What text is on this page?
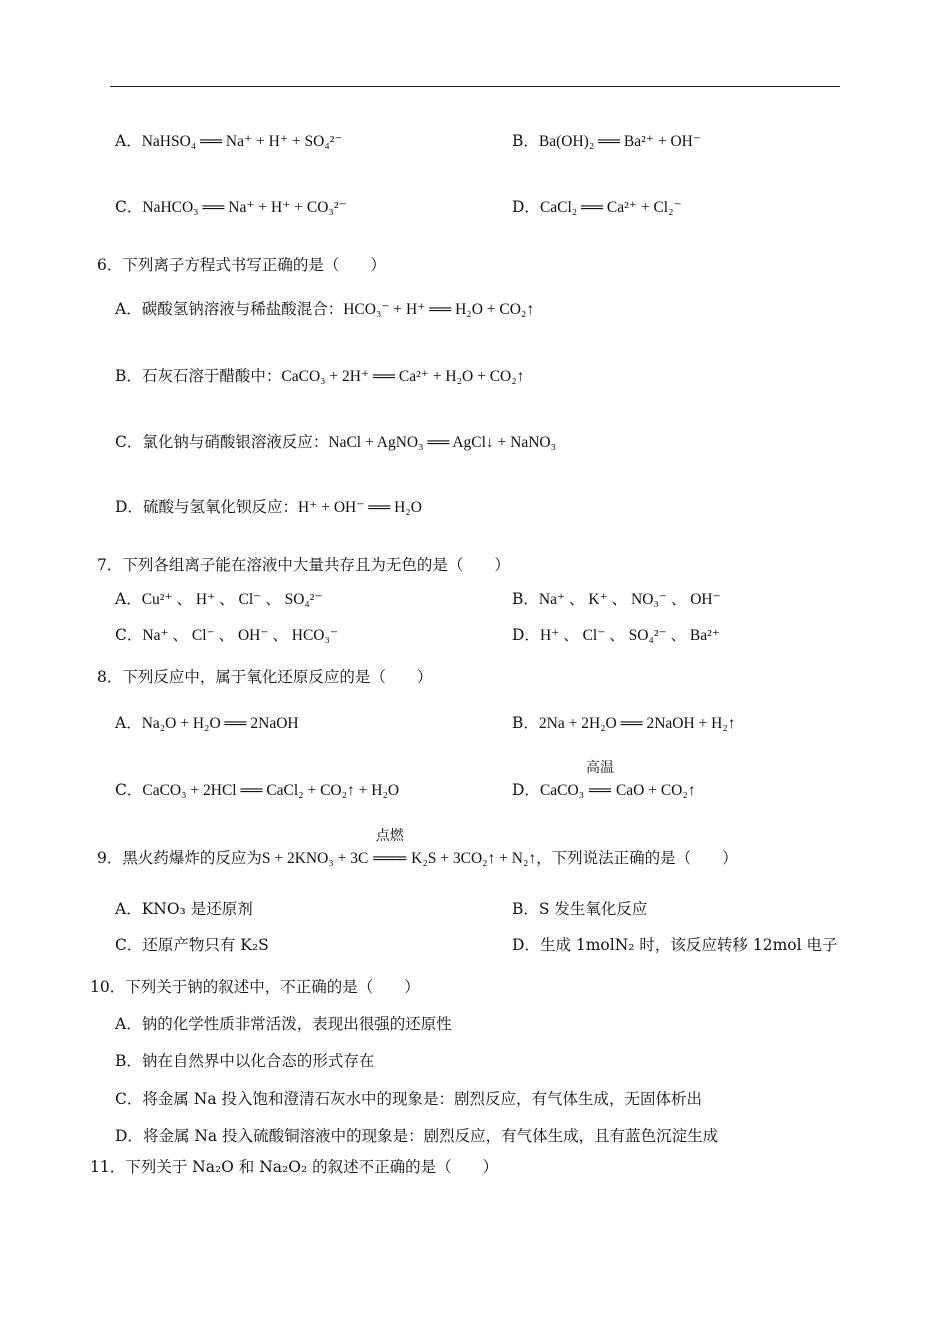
A．NaHSO₄ ══ Na⁺ + H⁺ + SO₄²⁻	B．Ba(OH)₂ ══ Ba²⁺ + OH⁻
C．NaHCO₃ ══ Na⁺ + H⁺ + CO₃²⁻	D．CaCl₂ ══ Ca²⁺ + Cl₂⁻
6．下列离子方程式书写正确的是（　　）
A．碳酸氢钠溶液与稀盐酸混合：HCO₃⁻ + H⁺ ══ H₂O + CO₂↑
B．石灰石溶于醋酸中：CaCO₃ + 2H⁺ ══ Ca²⁺ + H₂O + CO₂↑
C．氯化钠与硝酸银溶液反应：NaCl + AgNO₃ ══ AgCl↓ + NaNO₃
D．硫酸与氢氧化钡反应：H⁺ + OH⁻ ══ H₂O
7．下列各组离子能在溶液中大量共存且为无色的是（　　）
A．Cu²⁺ 、 H⁺ 、 Cl⁻ 、 SO₄²⁻	B．Na⁺ 、 K⁺ 、 NO₃⁻ 、 OH⁻
C．Na⁺ 、 Cl⁻ 、 OH⁻ 、 HCO₃⁻	D．H⁺ 、 Cl⁻ 、 SO₄²⁻ 、 Ba²⁺
8．下列反应中，属于氧化还原反应的是（　　）
A．Na₂O + H₂O ══ 2NaOH	B．2Na + 2H₂O ══ 2NaOH + H₂↑
C．CaCO₃ + 2HCl ══ CaCl₂ + CO₂↑ + H₂O	D．CaCO₃
高温
══ CaO + CO₂↑
9．黑火药爆炸的反应为S + 2KNO₃ + 3C
点燃
═══ K₂S + 3CO₂↑ + N₂↑，下列说法正确的是（　　）
A．KNO₃ 是还原剂	B．S 发生氧化反应
C．还原产物只有 K₂S	D．生成 1molN₂ 时，该反应转移 12mol 电子
10．下列关于钠的叙述中，不正确的是（　　）
A．钠的化学性质非常活泼，表现出很强的还原性
B．钠在自然界中以化合态的形式存在
C．将金属 Na 投入饱和澄清石灰水中的现象是：剧烈反应，有气体生成，无固体析出
D．将金属 Na 投入硫酸铜溶液中的现象是：剧烈反应，有气体生成，且有蓝色沉淀生成
11．下列关于 Na₂O 和 Na₂O₂ 的叙述不正确的是（　　）
